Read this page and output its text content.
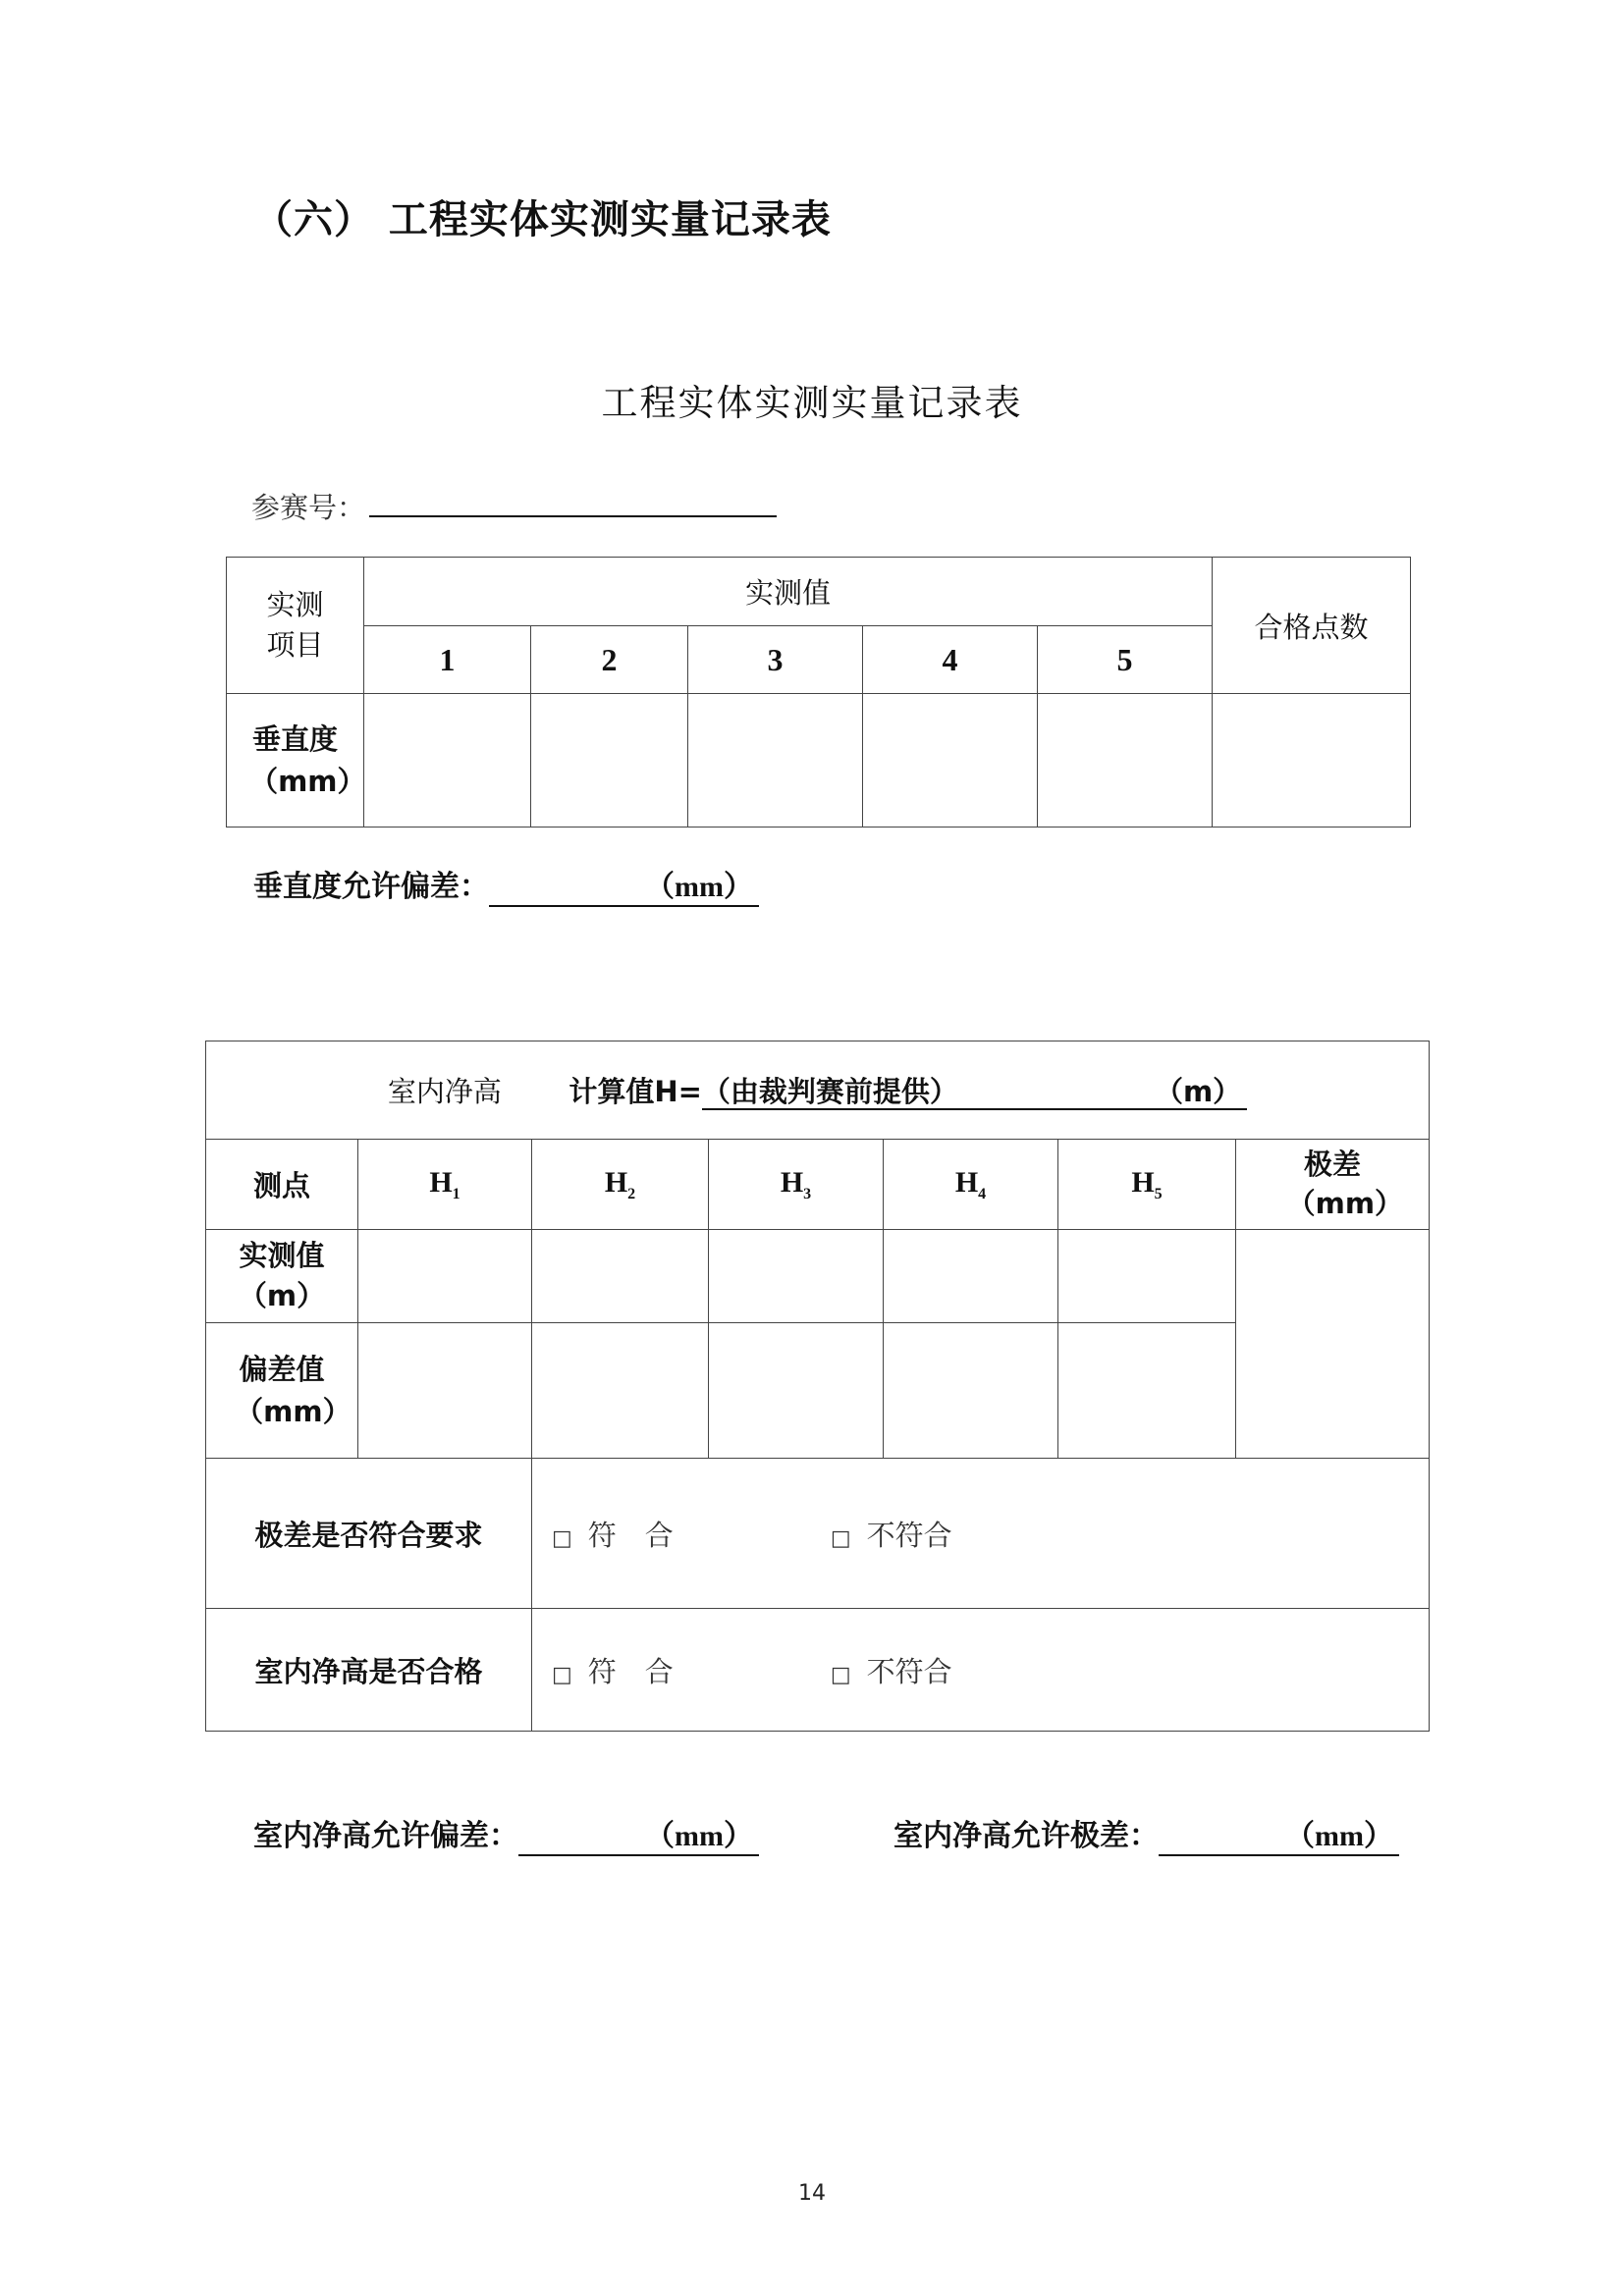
（六） 工程实体实测实量记录表
工程实体实测实量记录表
参赛号：
实测项目	实测值					合格点数
	1	2	3	4	5	

垂直度（mm）						

垂直度允许偏差：	（mm）
室内净高 计算值H=（由裁判赛前提供） （m）						
测点	$H_1$	$H_2$	$H_3$	$H_4$	$H_5$	极差（mm）

实测值（m）						

偏差值（mm）						

极差是否符合要求		□ 符　合 □ 不符合				
室内净高是否合格		□ 符　合 □ 不符合				
室内净高允许偏差：	（mm）	室内净高允许极差：	（mm）
14
